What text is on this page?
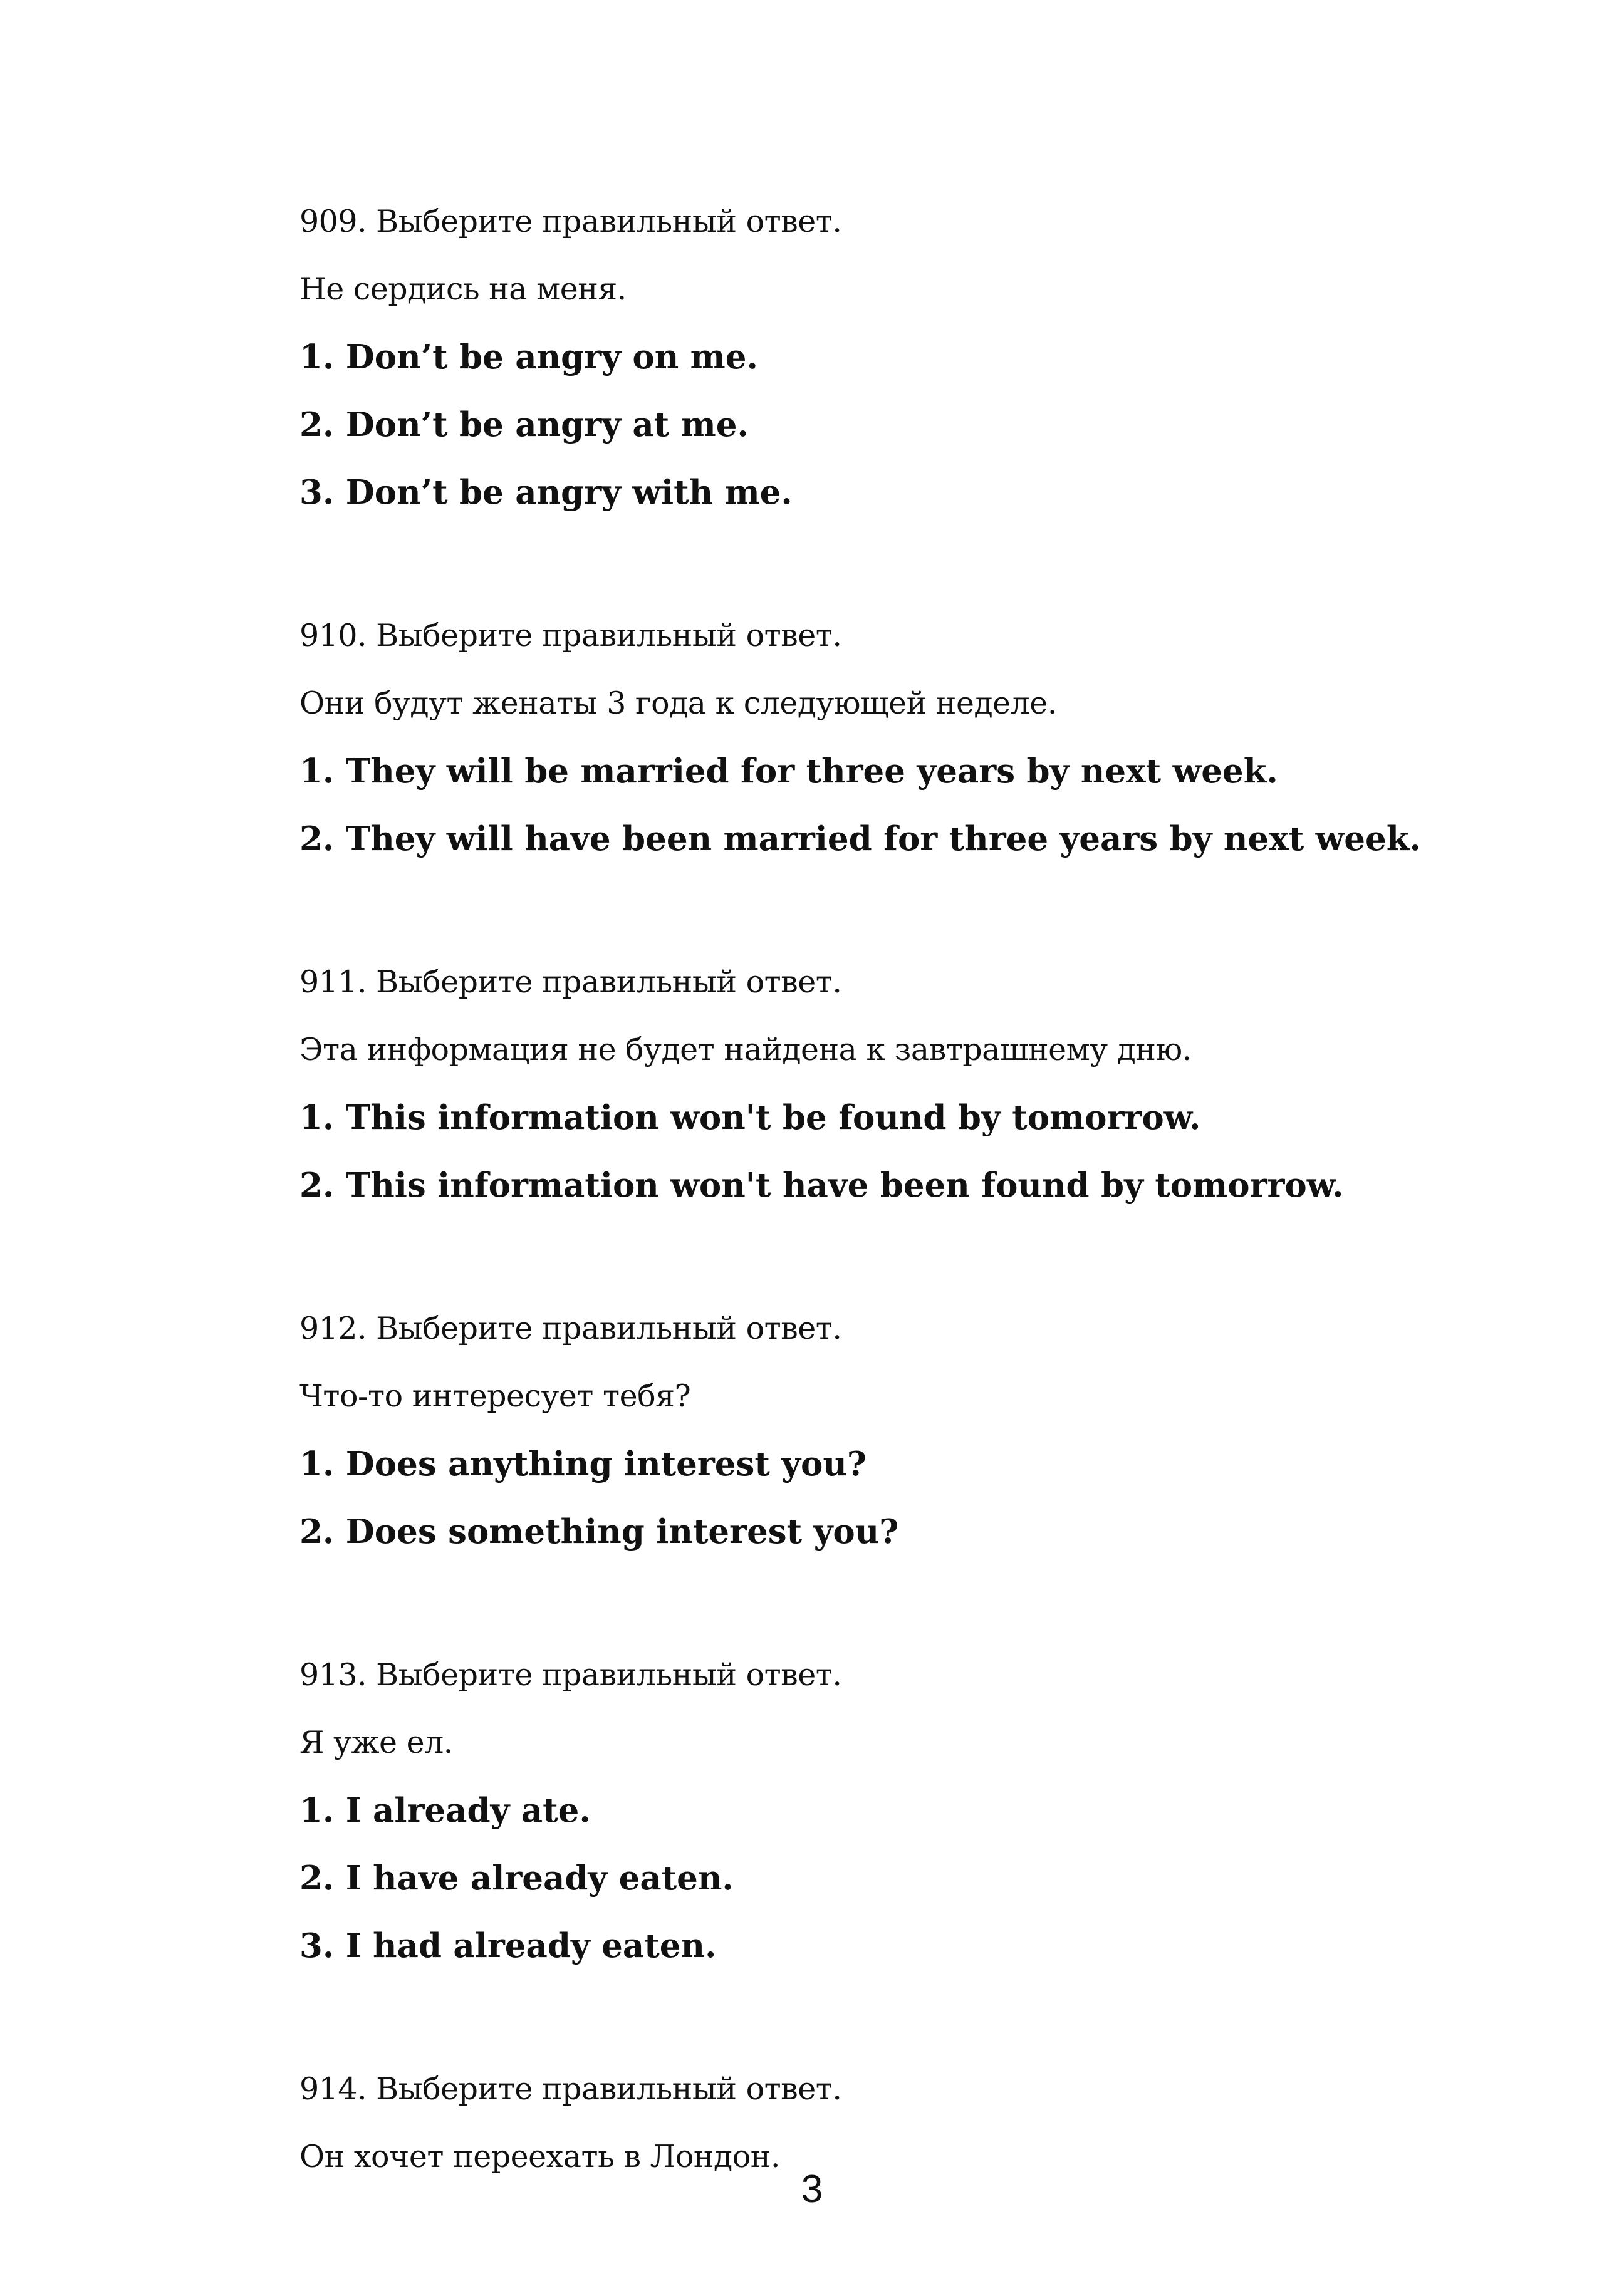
909. Выберите правильный ответ.
Не сердись на меня.
1. Don’t be angry on me.
2. Don’t be angry at me.
3. Don’t be angry with me.
910. Выберите правильный ответ.
Они будут женаты 3 года к следующей неделе.
1. They will be married for three years by next week.
2. They will have been married for three years by next week.
911. Выберите правильный ответ.
Эта информация не будет найдена к завтрашнему дню.
1. This information won't be found by tomorrow.
2. This information won't have been found by tomorrow.
912. Выберите правильный ответ.
Что-то интересует тебя?
1. Does anything interest you?
2. Does something interest you?
913. Выберите правильный ответ.
Я уже ел.
1. I already ate.
2. I have already eaten.
3. I had already eaten.
914. Выберите правильный ответ.
Он хочет переехать в Лондон.
3
